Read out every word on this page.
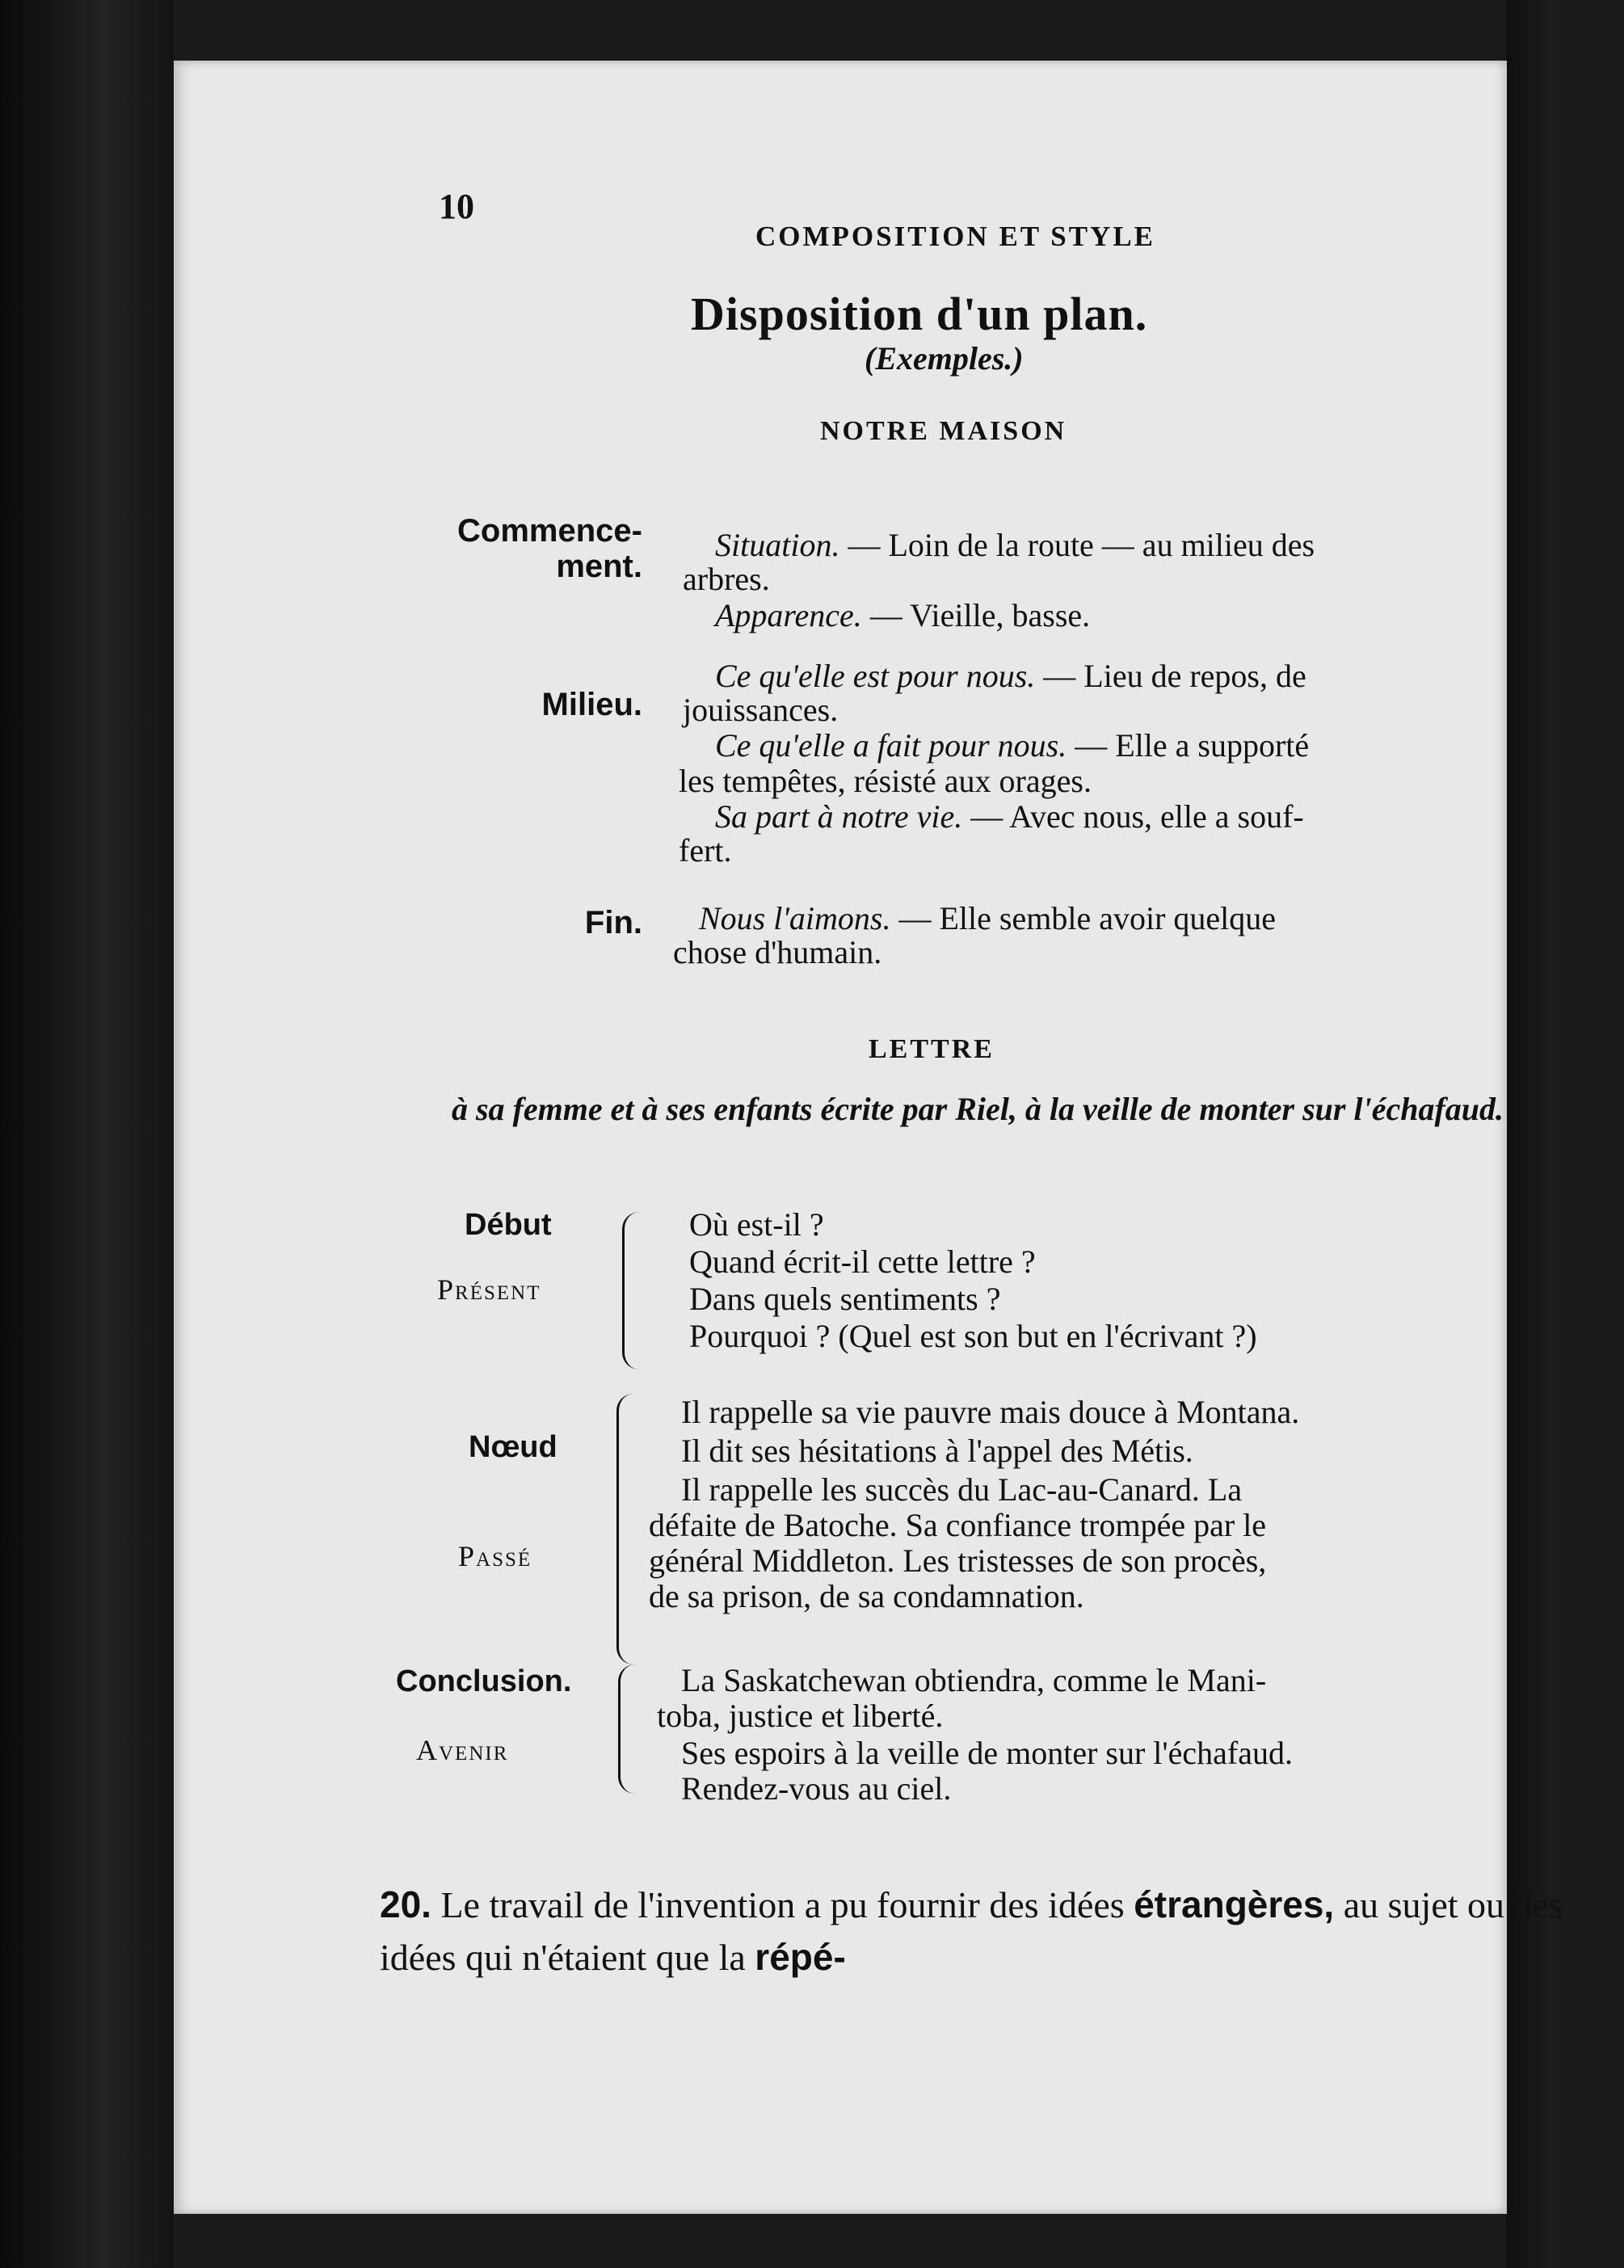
10
COMPOSITION ET STYLE
Disposition d'un plan.
(Exemples.)
NOTRE MAISON
Commence-
ment.
Situation. — Loin de la route — au milieu des
arbres.
Apparence. — Vieille, basse.
Milieu.
Ce qu'elle est pour nous. — Lieu de repos, de
jouissances.
Ce qu'elle a fait pour nous. — Elle a supporté
les tempêtes, résisté aux orages.
Sa part à notre vie. — Avec nous, elle a souf-
fert.
Fin. Nous l'aimons. — Elle semble avoir quelque
chose d'humain.
LETTRE
à sa femme et à ses enfants écrite par Riel, à la veille de monter sur l'échafaud.
Début
Présent
Où est-il ?
Quand écrit-il cette lettre ?
Dans quels sentiments ?
Pourquoi ? (Quel est son but en l'écrivant ?)
Nœud
Passé
Il rappelle sa vie pauvre mais douce à Montana.
Il dit ses hésitations à l'appel des Métis.
Il rappelle les succès du Lac-au-Canard. La
défaite de Batoche. Sa confiance trompée par le
général Middleton. Les tristesses de son procès,
de sa prison, de sa condamnation.
Conclusion.
Avenir
La Saskatchewan obtiendra, comme le Mani-
toba, justice et liberté.
Ses espoirs à la veille de monter sur l'échafaud.
Rendez-vous au ciel.
20. Le travail de l'invention a pu fournir des idées étrangères, au sujet ou des idées qui n'étaient que la répé-
